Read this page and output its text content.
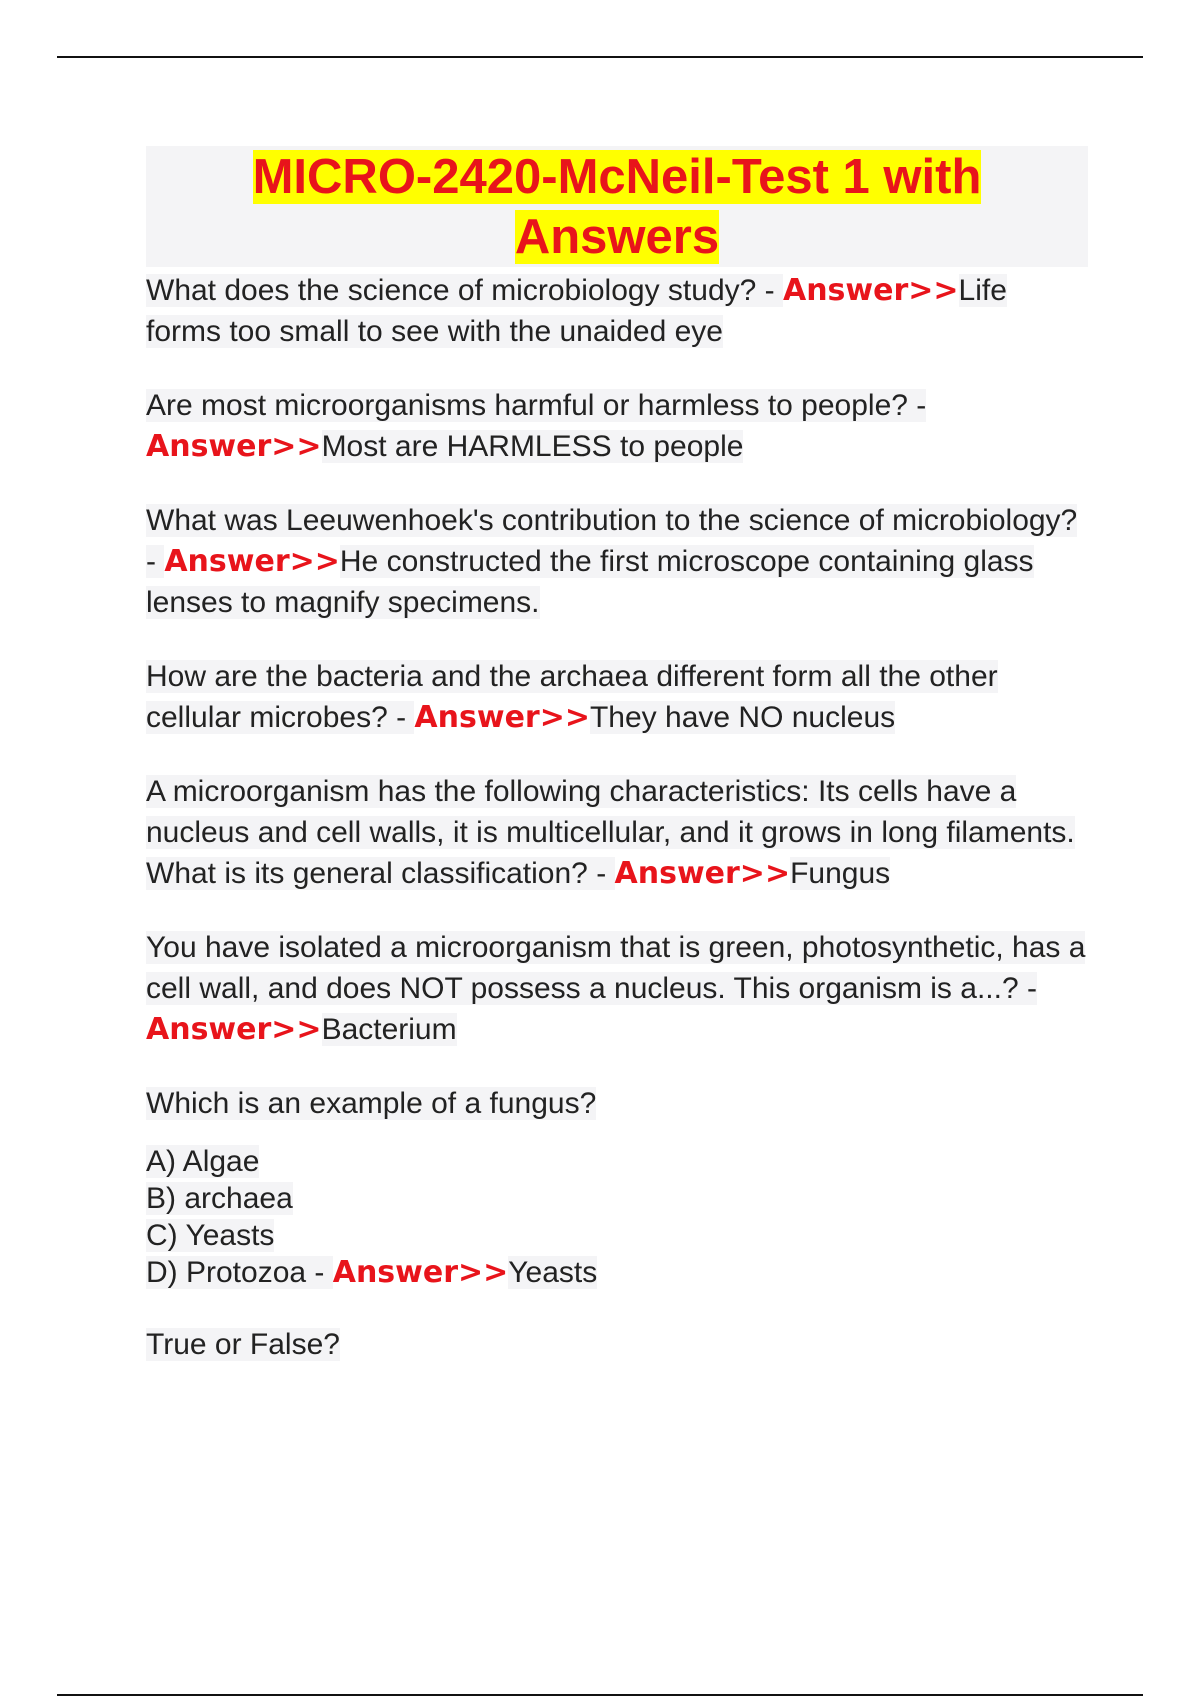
MICRO-2420-McNeil-Test 1 with Answers

What does the science of microbiology study? - Answer>>Life forms too small to see with the unaided eye

Are most microorganisms harmful or harmless to people? - Answer>>Most are HARMLESS to people

What was Leeuwenhoek's contribution to the science of microbiology? - Answer>>He constructed the first microscope containing glass lenses to magnify specimens.

How are the bacteria and the archaea different form all the other cellular microbes? - Answer>>They have NO nucleus

A microorganism has the following characteristics: Its cells have a nucleus and cell walls, it is multicellular, and it grows in long filaments. What is its general classification? - Answer>>Fungus

You have isolated a microorganism that is green, photosynthetic, has a cell wall, and does NOT possess a nucleus. This organism is a...? - Answer>>Bacterium

Which is an example of a fungus?

A) Algae
B) archaea
C) Yeasts
D) Protozoa - Answer>>Yeasts

True or False?
